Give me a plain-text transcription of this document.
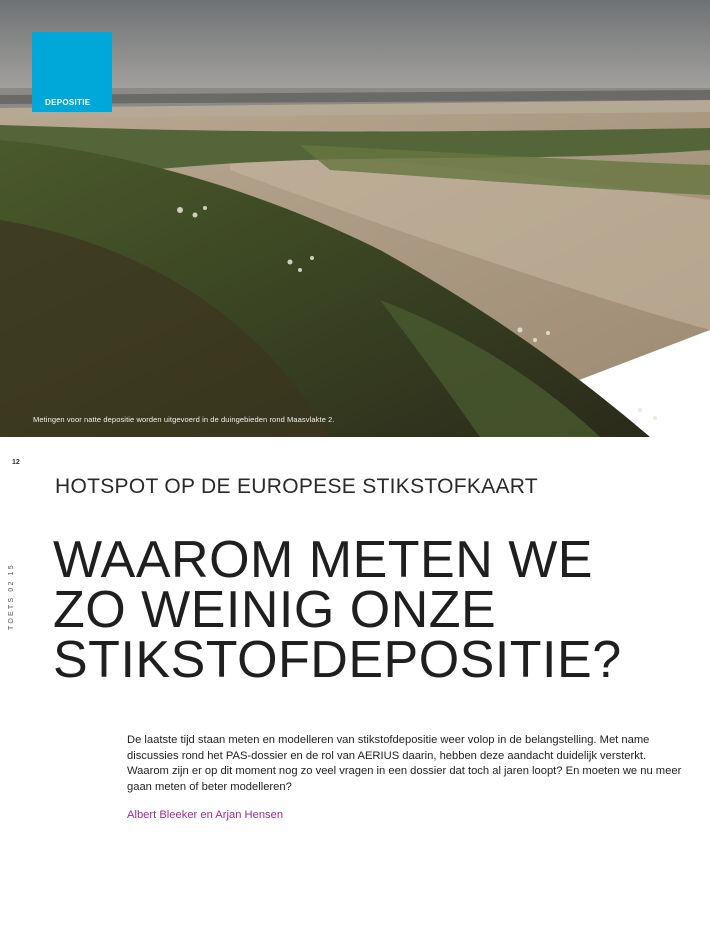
Metingen voor natte depositie worden uitgevoerd in de duingebieden rond Maasvlakte 2.
DEPOSITIE
12
TOETS 02 15
HOTSPOT OP DE EUROPESE STIKSTOFKAART
WAAROM METEN WE
ZO WEINIG ONZE
STIKSTOFDEPOSITIE?

De laatste tijd staan meten en modelleren van stikstofdepositie weer volop in de belangstelling. Met name discussies rond het PAS-dossier en de rol van AERIUS daarin, hebben deze aandacht duidelijk versterkt. Waarom zijn er op dit moment nog zo veel vragen in een dossier dat toch al jaren loopt? En moeten we nu meer gaan meten of beter modelleren?

Albert Bleeker en Arjan Hensen
